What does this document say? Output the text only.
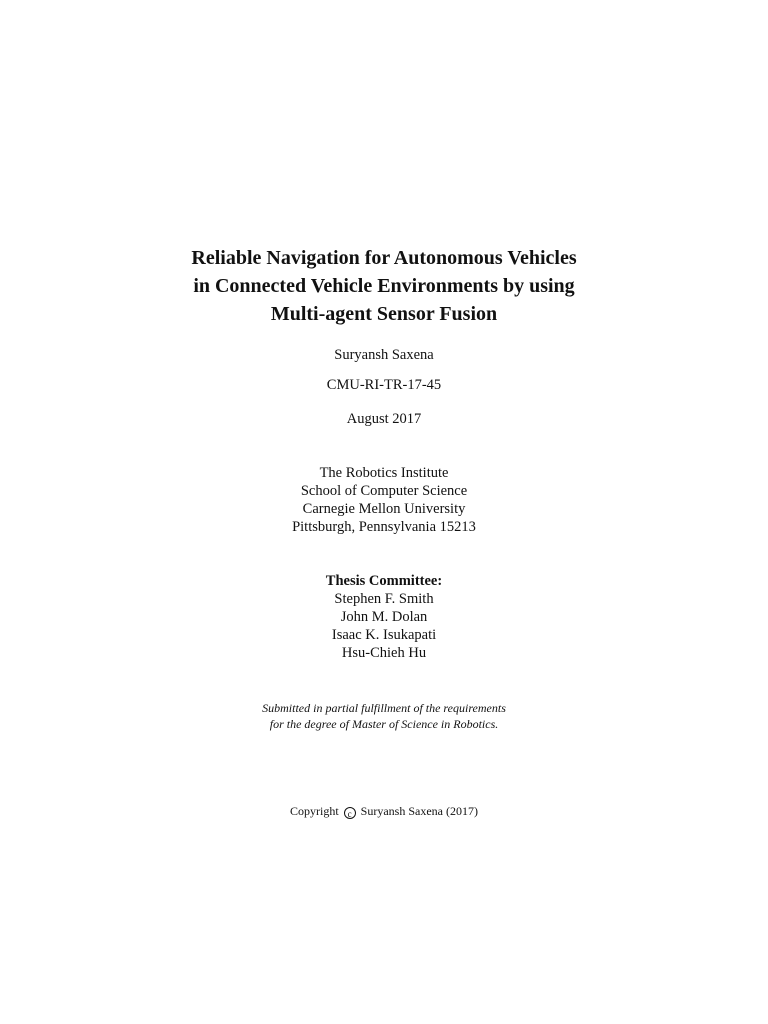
Reliable Navigation for Autonomous Vehicles
in Connected Vehicle Environments by using
Multi-agent Sensor Fusion
Suryansh Saxena
CMU-RI-TR-17-45
August 2017
The Robotics Institute
School of Computer Science
Carnegie Mellon University
Pittsburgh, Pennsylvania 15213
Thesis Committee:
Stephen F. Smith
John M. Dolan
Isaac K. Isukapati
Hsu-Chieh Hu
Submitted in partial fulfillment of the requirements
for the degree of Master of Science in Robotics.
Copyright c Suryansh Saxena (2017)
